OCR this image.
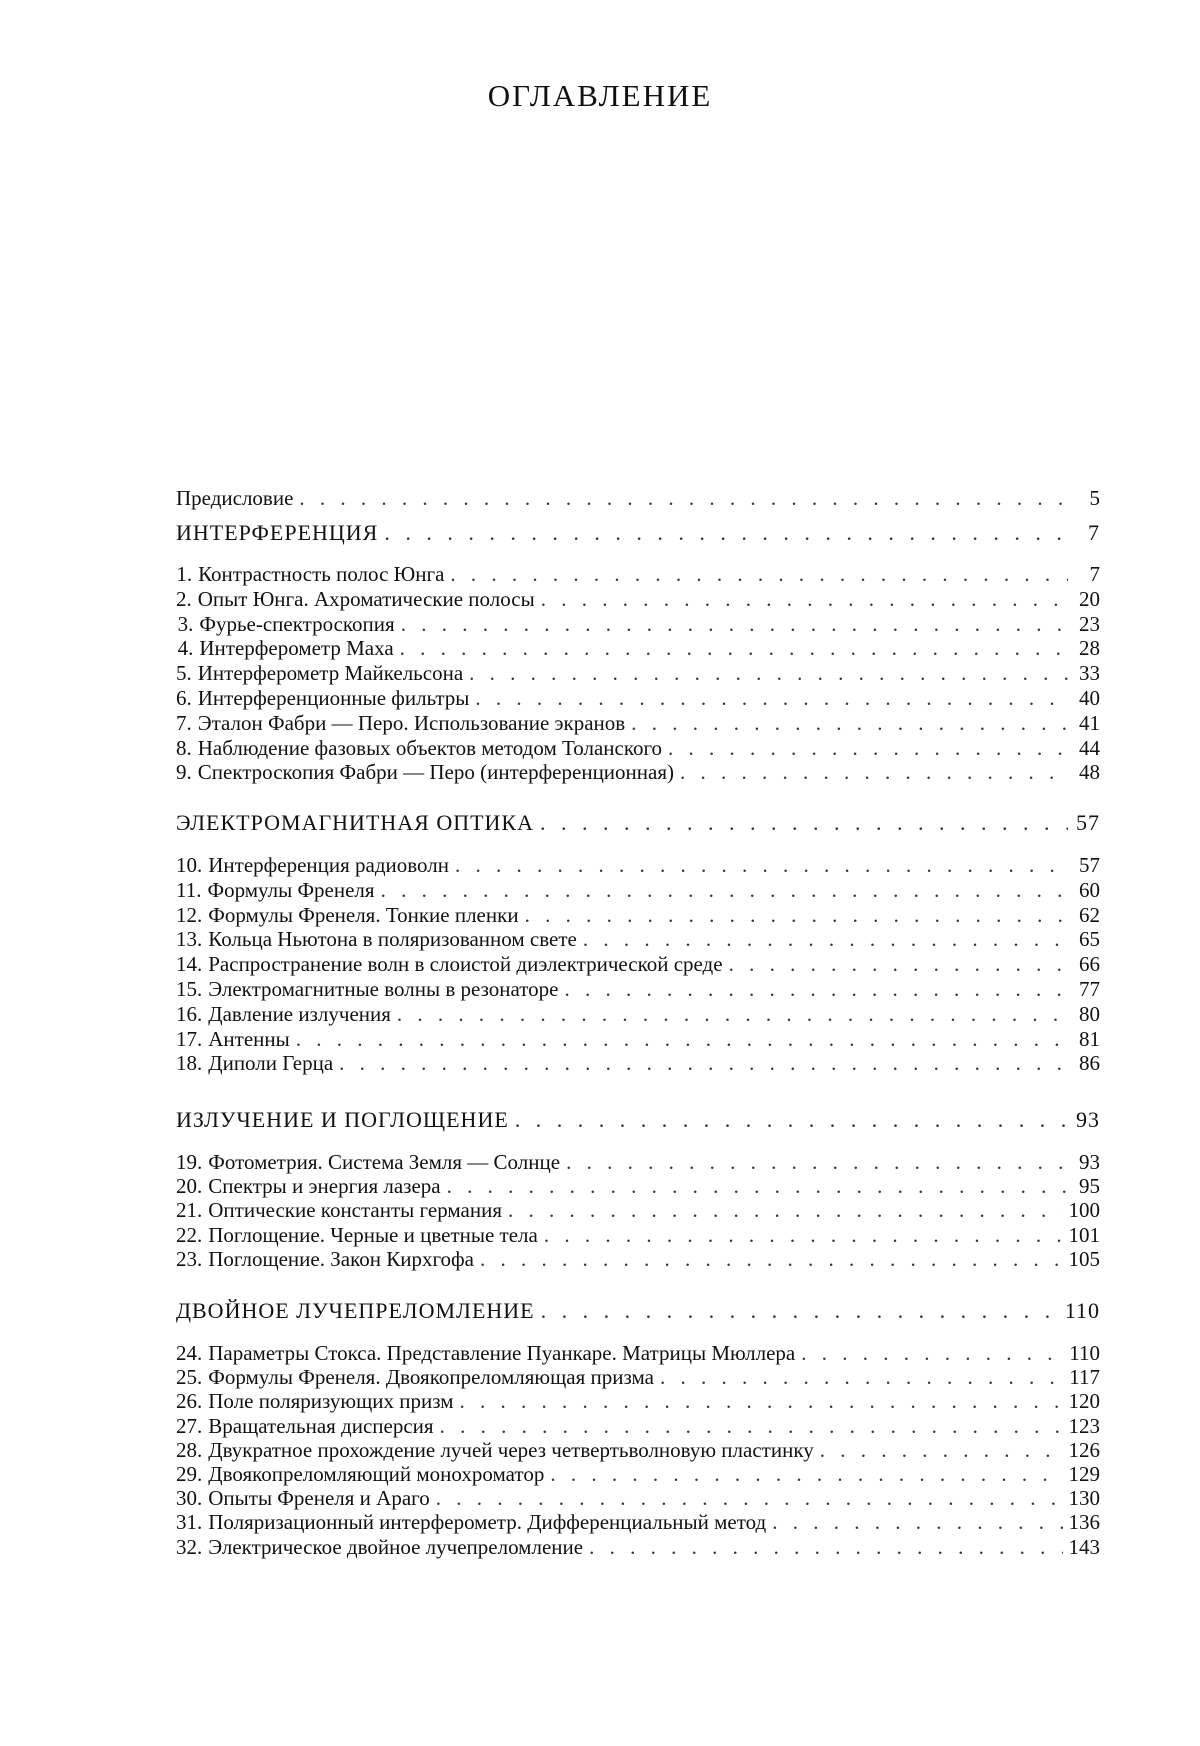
ОГЛАВЛЕНИЕ
Предисловие . . .	5
ИНТЕРФЕРЕНЦИЯ . . .	7
1. Контрастность полос Юнга . . .	7
2. Опыт Юнга. Ахроматические полосы . . .	20
3. Фурье-спектроскопия . . .	23
4. Интерферометр Маха . . .	28
5. Интерферометр Майкельсона . . .	33
6. Интерференционные фильтры . . .	40
7. Эталон Фабри — Перо. Использование экранов . . .	41
8. Наблюдение фазовых объектов методом Толанского . . .	44
9. Спектроскопия Фабри — Перо (интерференционная) . . .	48
ЭЛЕКТРОМАГНИТНАЯ ОПТИКА . . .	57
10. Интерференция радиоволн . . .	57
11. Формулы Френеля . . .	60
12. Формулы Френеля. Тонкие пленки . . .	62
13. Кольца Ньютона в поляризованном свете . . .	65
14. Распространение волн в слоистой диэлектрической среде . . .	66
15. Электромагнитные волны в резонаторе . . .	77
16. Давление излучения . . .	80
17. Антенны . . .	81
18. Диполи Герца . . .	86
ИЗЛУЧЕНИЕ И ПОГЛОЩЕНИЕ . . .	93
19. Фотометрия. Система Земля — Солнце . . .	93
20. Спектры и энергия лазера . . .	95
21. Оптические константы германия . . .	100
22. Поглощение. Черные и цветные тела . . .	101
23. Поглощение. Закон Кирхгофа . . .	105
ДВОЙНОЕ ЛУЧЕПРЕЛОМЛЕНИЕ . . .	110
24. Параметры Стокса. Представление Пуанкаре. Матрицы Мюллера . . .	110
25. Формулы Френеля. Двоякопреломляющая призма . . .	117
26. Поле поляризующих призм . . .	120
27. Вращательная дисперсия . . .	123
28. Двукратное прохождение лучей через четвертьволновую пластинку . . .	126
29. Двоякопреломляющий монохроматор . . .	129
30. Опыты Френеля и Араго . . .	130
31. Поляризационный интерферометр. Дифференциальный метод . . .	136
32. Электрическое двойное лучепреломление . . .	143
